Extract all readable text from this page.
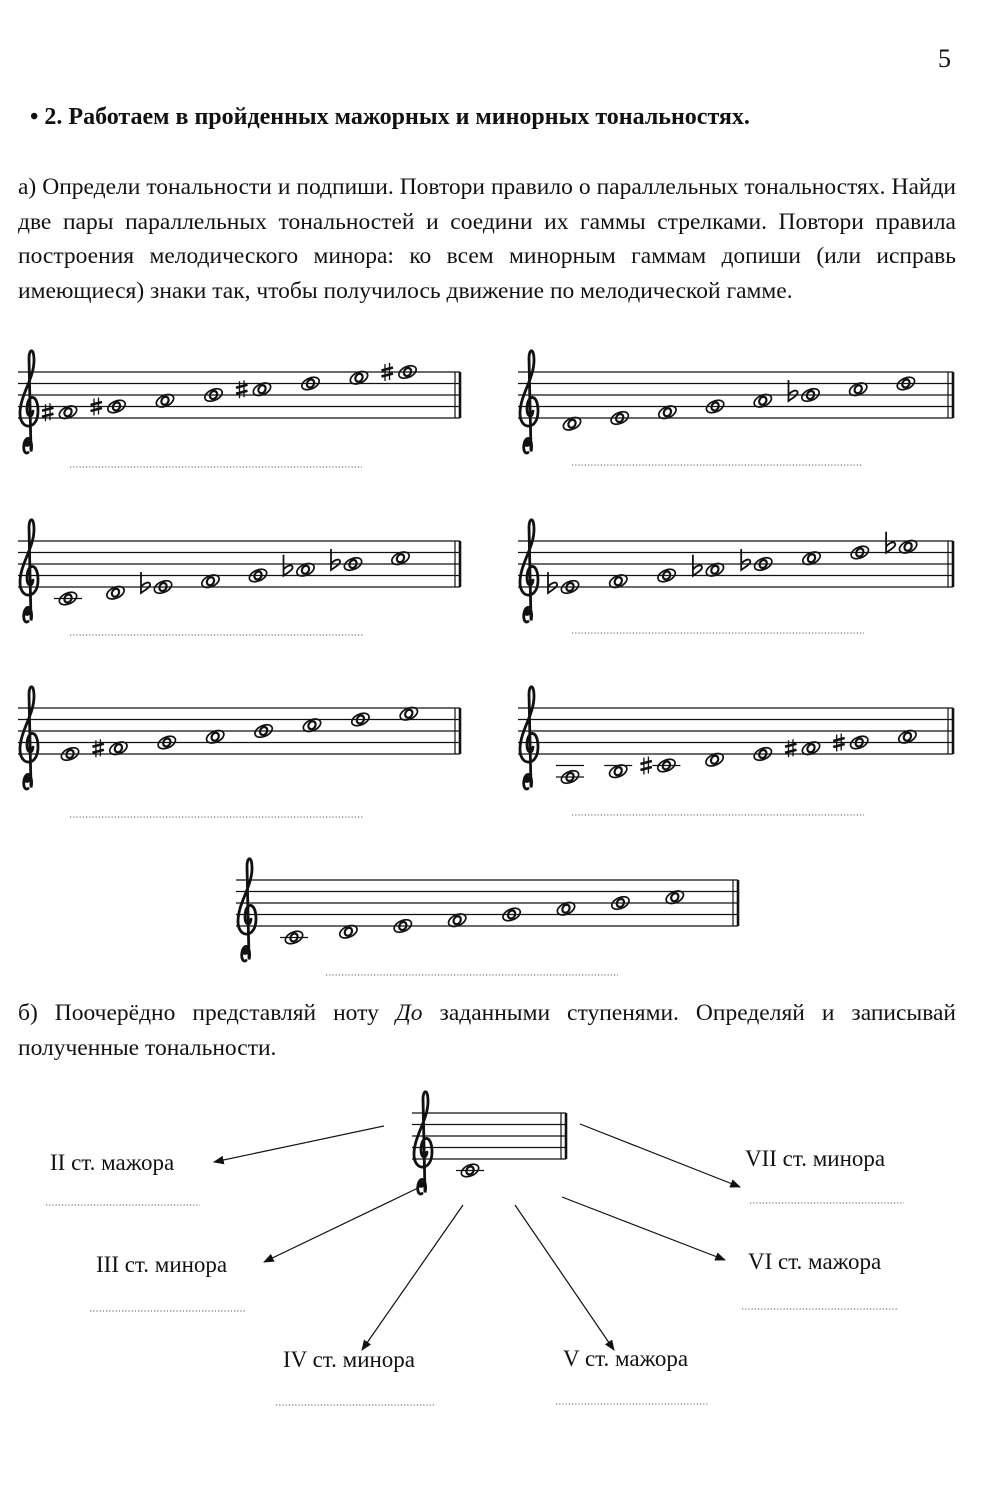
5
• 2. Работаем в пройденных мажорных и минорных тональностях.

а) Определи тональности и подпиши. Повтори правило о параллельных тональностях. Найди две пары параллельных тональностей и соедини их гаммы стрелками. Повтори правила построения мелодического минора: ко всем минорным гаммам допиши (или исправь имеющиеся) знаки так, чтобы получилось движение по мелодической гамме.

б) Поочерёдно представляй ноту До заданными ступенями. Определяй и записывай полученные тональности.

II ст. мажора
III ст. минора
IV ст. минора	V ст. мажора
VI ст. мажора
VII ст. минора
